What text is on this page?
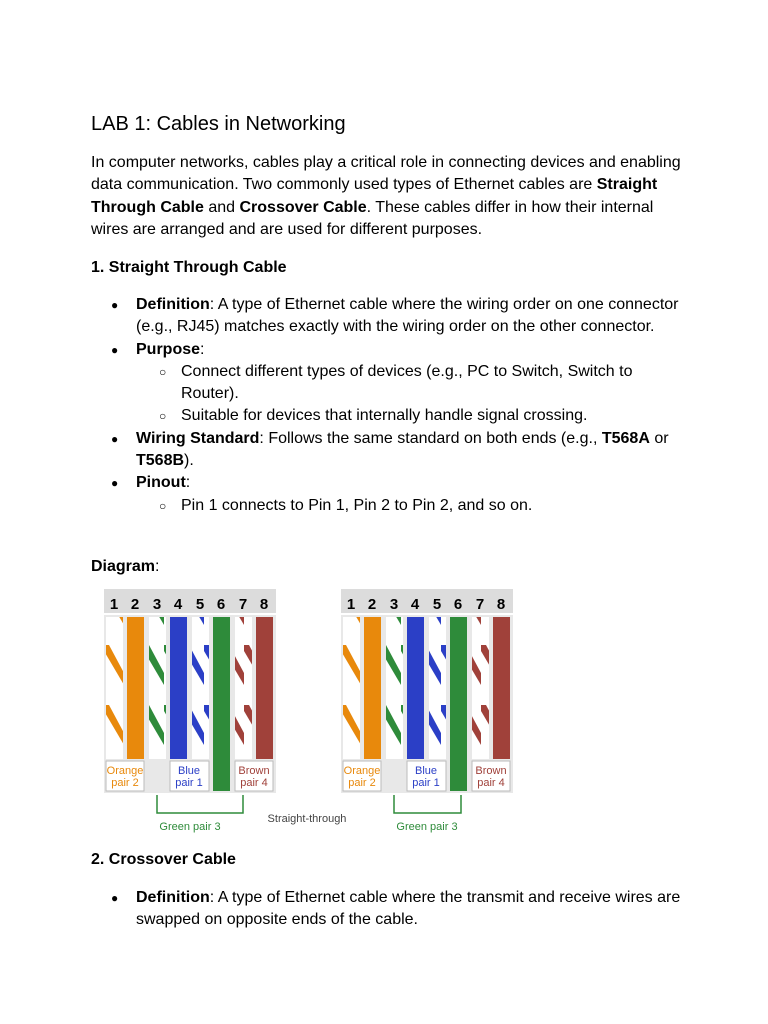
LAB 1: Cables in Networking

In computer networks, cables play a critical role in connecting devices and enabling data communication. Two commonly used types of Ethernet cables are Straight Through Cable and Crossover Cable. These cables differ in how their internal wires are arranged and are used for different purposes.

1. Straight Through Cable
● Definition: A type of Ethernet cable where the wiring order on one connector (e.g., RJ45) matches exactly with the wiring order on the other connector.
● Purpose:
○ Connect different types of devices (e.g., PC to Switch, Switch to Router).
○ Suitable for devices that internally handle signal crossing.
● Wiring Standard: Follows the same standard on both ends (e.g., T568A or T568B).
● Pinout:
○ Pin 1 connects to Pin 1, Pin 2 to Pin 2, and so on.

Diagram:

1 2 3 4 5 6 7 8
Orange
pair 2
Blue
pair 1
Brown
pair 4
Green pair 3
Straight-through
1 2 3 4 5 6 7 8
Orange
pair 2
Blue
pair 1
Brown
pair 4
Green pair 3
2. Crossover Cable
● Definition: A type of Ethernet cable where the transmit and receive wires are swapped on opposite ends of the cable.
